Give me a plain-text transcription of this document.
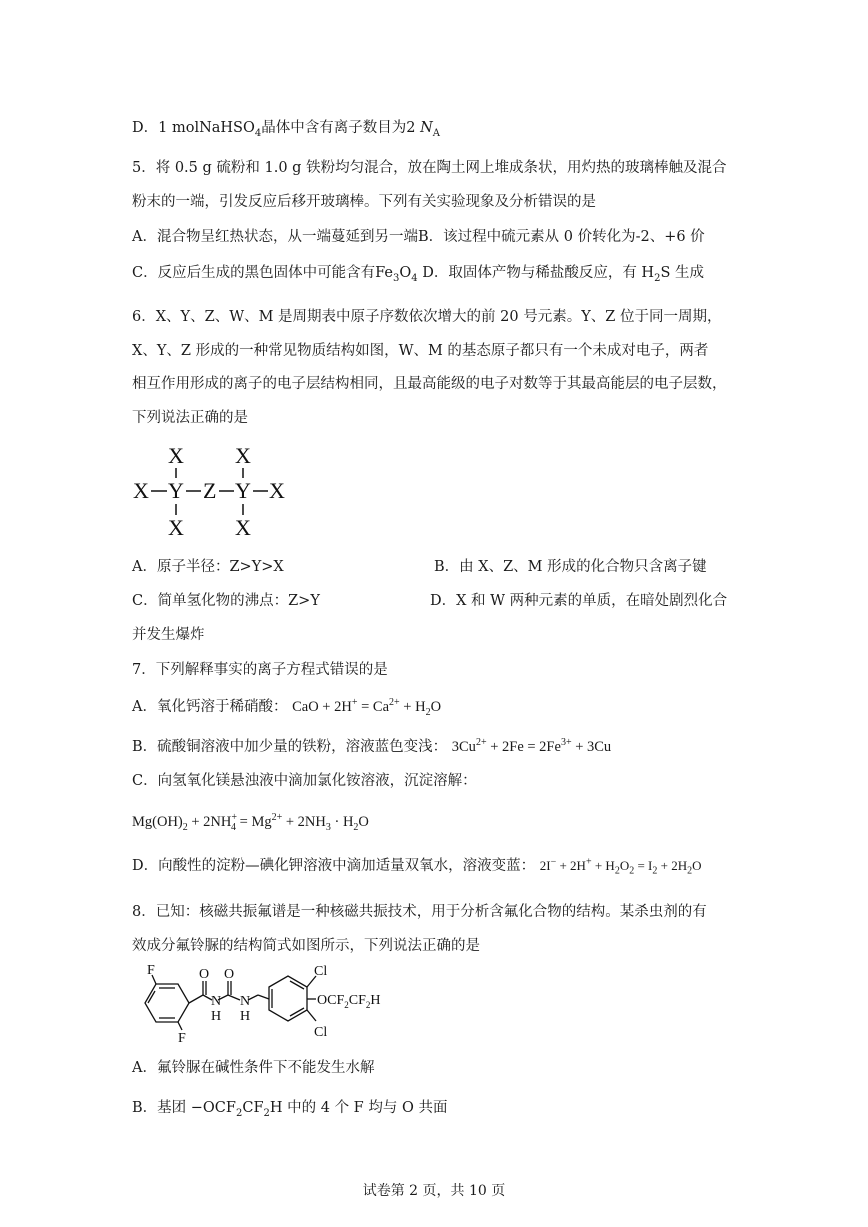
D．1 molNaHSO$_4$晶体中含有离子数目为2 $N_A$
5．将 0.5 g 硫粉和 1.0 g 铁粉均匀混合，放在陶土网上堆成条状，用灼热的玻璃棒触及混合
粉末的一端，引发反应后移开玻璃棒。下列有关实验现象及分析错误的是
A．混合物呈红热状态，从一端蔓延到另一端B．该过程中硫元素从 0 价转化为-2、+6 价
C．反应后生成的黑色固体中可能含有$Fe_3O_4$ D．取固体产物与稀盐酸反应，有 $H_2S$ 生成
6．X、Y、Z、W、M 是周期表中原子序数依次增大的前 20 号元素。Y、Z 位于同一周期，
X、Y、Z 形成的一种常见物质结构如图，W、M 的基态原子都只有一个未成对电子，两者
相互作用形成的离子的电子层结构相同，且最高能级的电子对数等于其最高能层的电子层数，
下列说法正确的是
X X
X Y Z Y X
X X
A．原子半径：Z>Y>X	B．由 X、Z、M 形成的化合物只含离子键
C．简单氢化物的沸点：Z>Y	D．X 和 W 两种元素的单质，在暗处剧烈化合
并发生爆炸
7．下列解释事实的离子方程式错误的是
A．氧化钙溶于稀硝酸： CaO + $2H^+ = Ca^{2+} + H_2O$
B．硫酸铜溶液中加少量的铁粉，溶液蓝色变浅： $3Cu^{2+} + 2Fe = 2Fe^{3+} + 3Cu$
C．向氢氧化镁悬浊液中滴加氯化铵溶液，沉淀溶解：
$Mg(OH)_2 + 2NH^+_4 = Mg^{2+} + 2NH_3 \cdot H_2O$
D．向酸性的淀粉—碘化钾溶液中滴加适量双氧水，溶液变蓝： $2I^- + 2H^+ + H_2O_2 = I_2 + 2H_2O$
8．已知：核磁共振氟谱是一种核磁共振技术，用于分析含氟化合物的结构。某杀虫剂的有
效成分氟铃脲的结构简式如图所示，下列说法正确的是
F
F
O O
N
H
N
H
Cl
Cl
$OCF_2CF_2H$
A．氟铃脲在碱性条件下不能发生水解
B．基团 $-OCF_2CF_2H$ 中的 4 个 F 均与 O 共面
试卷第 2 页，共 10 页
